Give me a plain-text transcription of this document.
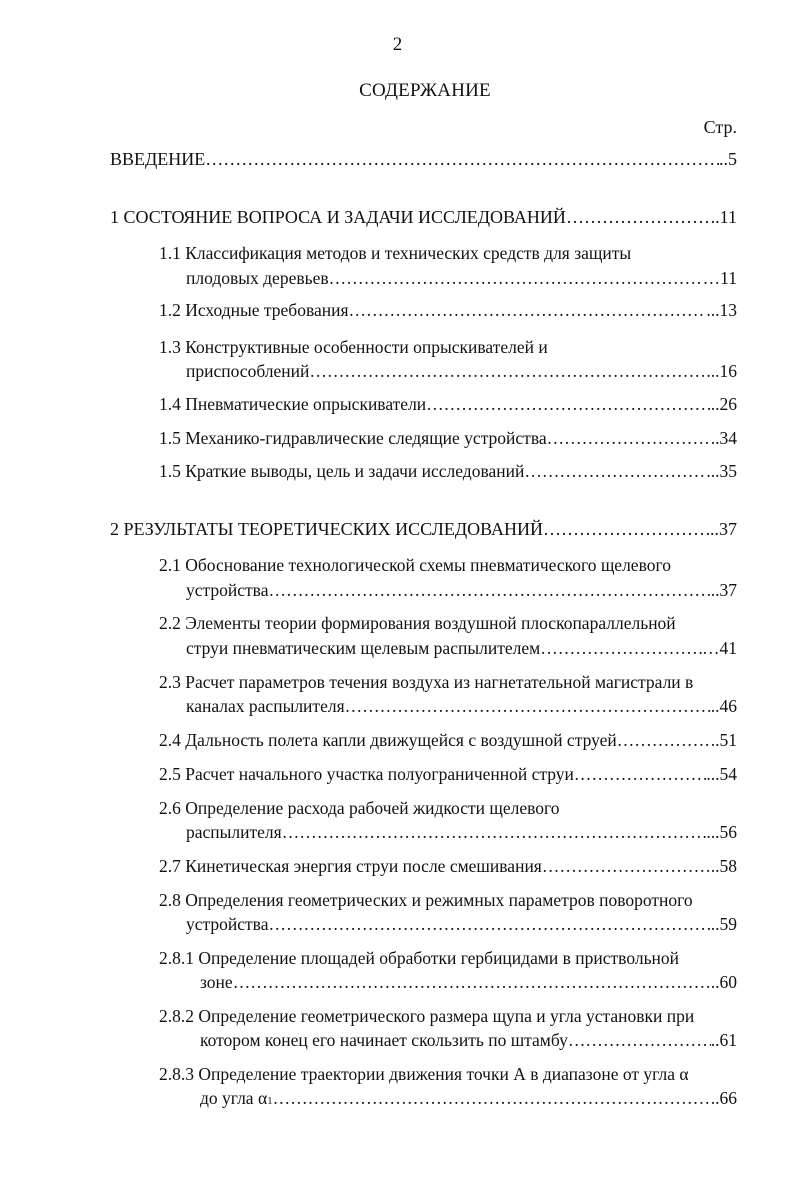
2
СОДЕРЖАНИЕ
Стр.
ВВЕДЕНИЕ ……………………………………………………………………………………………………………………………………………………………………………………	..5
1 СОСТОЯНИЕ ВОПРОСА И ЗАДАЧИ ИССЛЕДОВАНИЙ ……………………………………………………………………………………………………………………………………………………………………………………	..11
1.1 Классификация методов и технических средств для защиты
плодовых деревьев ……………………………………………………………………………………………………………………………………………………………………………………	…11
1.2 Исходные требования ……………………………………………………………………………………………………………………………………………………………………………………	...13
1.3 Конструктивные особенности опрыскивателей и
приспособлений ……………………………………………………………………………………………………………………………………………………………………………………	...16
1.4 Пневматические опрыскиватели ……………………………………………………………………………………………………………………………………………………………………………………	..26
1.5 Механико-гидравлические следящие устройства ……………………………………………………………………………………………………………………………………………………………………………………	..34
1.5 Краткие выводы, цель и задачи исследований ……………………………………………………………………………………………………………………………………………………………………………………	...35
2 РЕЗУЛЬТАТЫ ТЕОРЕТИЧЕСКИХ ИССЛЕДОВАНИЙ ……………………………………………………………………………………………………………………………………………………………………………………	..37
2.1 Обоснование технологической схемы пневматического щелевого
устройства ……………………………………………………………………………………………………………………………………………………………………………………	..37
2.2 Элементы теории формирования воздушной плоскопараллельной
струи пневматическим щелевым распылителем ……………………………………………………………………………………………………………………………………………………………………………………	…41
2.3 Расчет параметров течения воздуха из нагнетательной магистрали в
каналах распылителя ……………………………………………………………………………………………………………………………………………………………………………………	..46
2.4 Дальность полета капли движущейся с воздушной струей ……………………………………………………………………………………………………………………………………………………………………………………	..51
2.5 Расчет начального участка полуограниченной струи ……………………………………………………………………………………………………………………………………………………………………………………	...54
2.6 Определение расхода рабочей жидкости щелевого
распылителя ……………………………………………………………………………………………………………………………………………………………………………………	...56
2.7 Кинетическая энергия струи после смешивания ……………………………………………………………………………………………………………………………………………………………………………………	..58
2.8 Определения геометрических и режимных параметров поворотного
устройства ……………………………………………………………………………………………………………………………………………………………………………………	..59
2.8.1 Определение площадей обработки гербицидами в приствольной
зоне ……………………………………………………………………………………………………………………………………………………………………………………	..60
2.8.2 Определение геометрического размера щупа и угла установки при
котором конец его начинает скользить по штамбу ……………………………………………………………………………………………………………………………………………………………………………………	..61
2.8.3 Определение траектории движения точки А в диапазоне от угла α
до угла α 1 ……………………………………………………………………………………………………………………………………………………………………………………	..66
